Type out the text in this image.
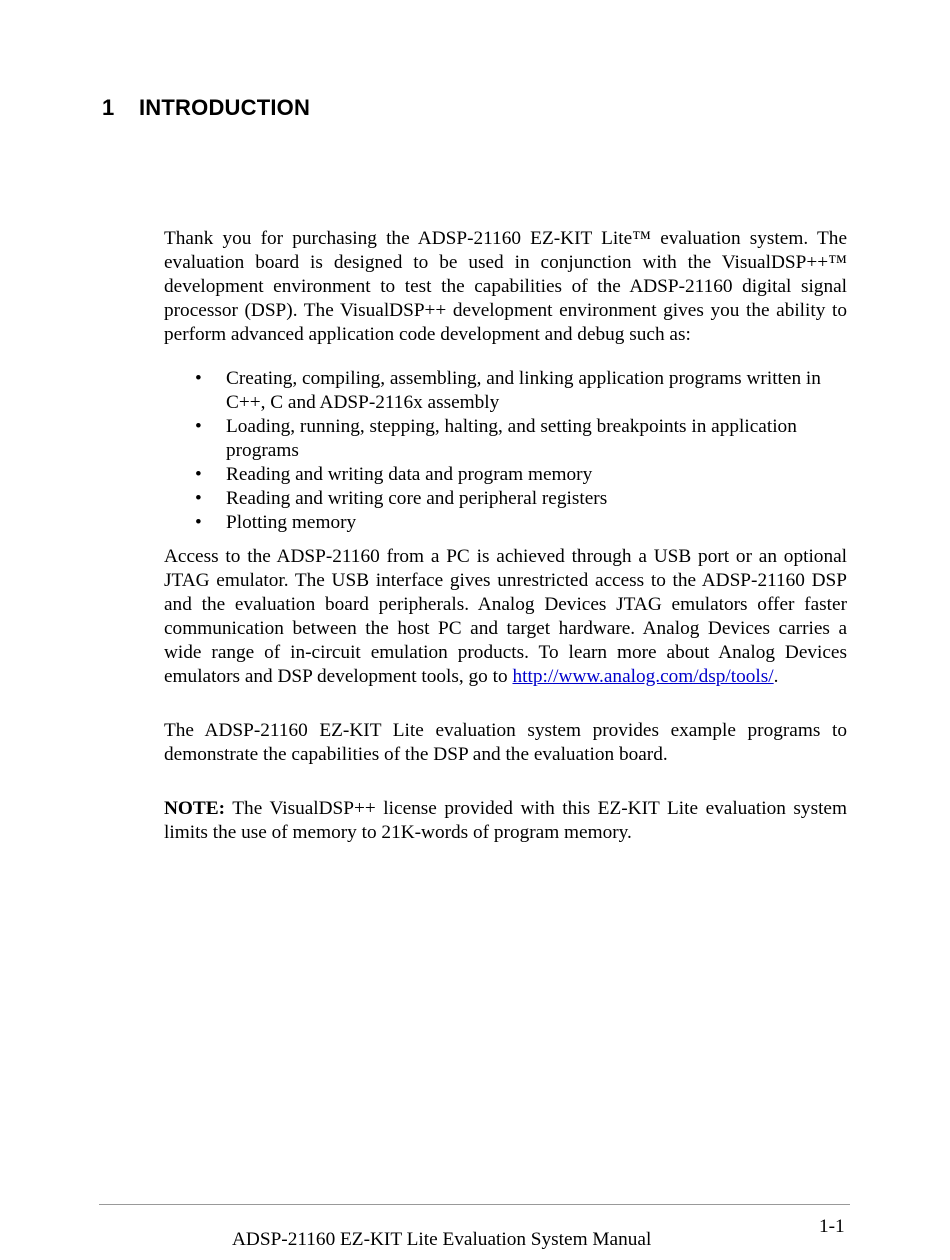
1 INTRODUCTION

Thank you for purchasing the ADSP-21160 EZ-KIT Lite™ evaluation system. The evaluation board is designed to be used in conjunction with the VisualDSP++™ development environment to test the capabilities of the ADSP-21160 digital signal processor (DSP). The VisualDSP++ development environment gives you the ability to perform advanced application code development and debug such as:

• Creating, compiling, assembling, and linking application programs written in C++, C and ADSP-2116x assembly
• Loading, running, stepping, halting, and setting breakpoints in application programs
• Reading and writing data and program memory
• Reading and writing core and peripheral registers
• Plotting memory

Access to the ADSP-21160 from a PC is achieved through a USB port or an optional JTAG emulator. The USB interface gives unrestricted access to the ADSP-21160 DSP and the evaluation board peripherals. Analog Devices JTAG emulators offer faster communication between the host PC and target hardware. Analog Devices carries a wide range of in-circuit emulation products. To learn more about Analog Devices emulators and DSP development tools, go to http://www.analog.com/dsp/tools/.

The ADSP-21160 EZ-KIT Lite evaluation system provides example programs to demonstrate the capabilities of the DSP and the evaluation board.

NOTE: The VisualDSP++ license provided with this EZ-KIT Lite evaluation system limits the use of memory to 21K-words of program memory.

1-1
ADSP-21160 EZ-KIT Lite Evaluation System Manual
